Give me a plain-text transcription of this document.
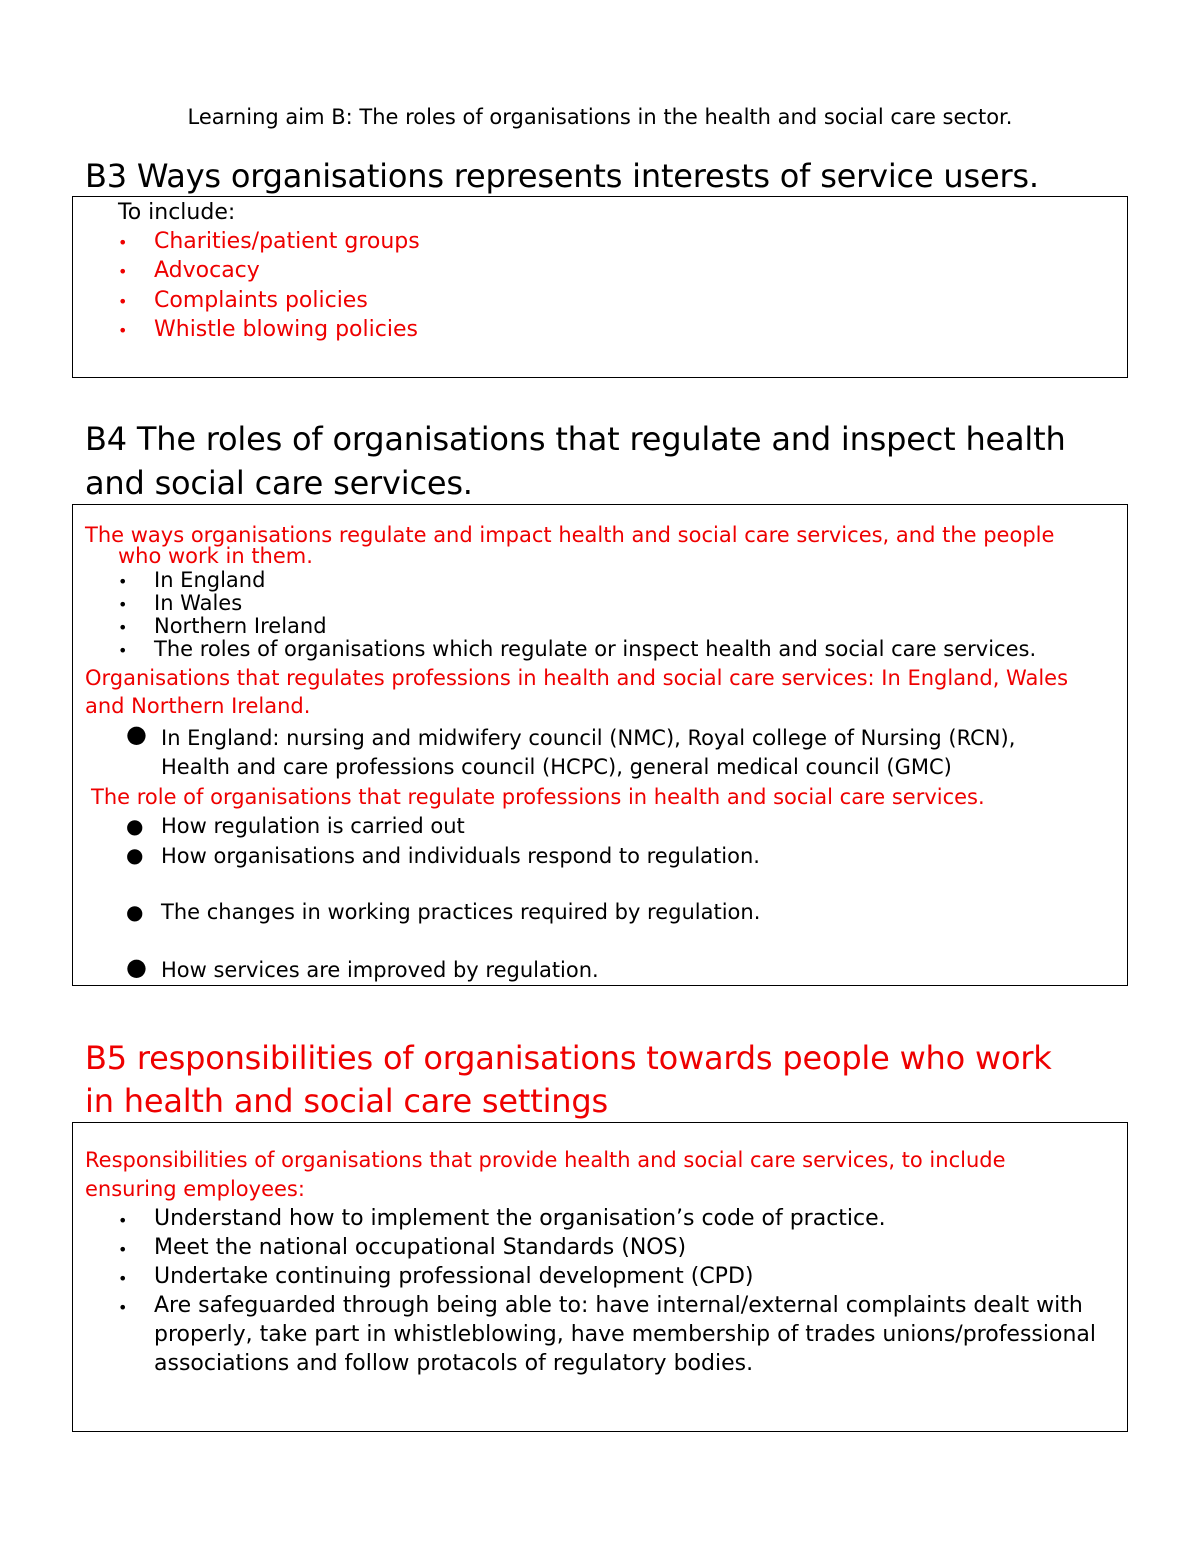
Learning aim B: The roles of organisations in the health and social care sector.
B3 Ways organisations represents interests of service users.
To include:
• Charities/patient groups
• Advocacy
• Complaints policies
• Whistle blowing policies
B4 The roles of organisations that regulate and inspect health
and social care services.
The ways organisations regulate and impact health and social care services, and the people
who work in them.
• In England
• In Wales
• Northern Ireland
• The roles of organisations which regulate or inspect health and social care services.
Organisations that regulates professions in health and social care services: In England, Wales
and Northern Ireland.
● In England: nursing and midwifery council (NMC), Royal college of Nursing (RCN),
Health and care professions council (HCPC), general medical council (GMC)
The role of organisations that regulate professions in health and social care services.
● How regulation is carried out
● How organisations and individuals respond to regulation.
● The changes in working practices required by regulation.
● How services are improved by regulation.
B5 responsibilities of organisations towards people who work
in health and social care settings
Responsibilities of organisations that provide health and social care services, to include
ensuring employees:
• Understand how to implement the organisation’s code of practice.
• Meet the national occupational Standards (NOS)
• Undertake continuing professional development (CPD)
• Are safeguarded through being able to: have internal/external complaints dealt with
properly, take part in whistleblowing, have membership of trades unions/professional
associations and follow protacols of regulatory bodies.
